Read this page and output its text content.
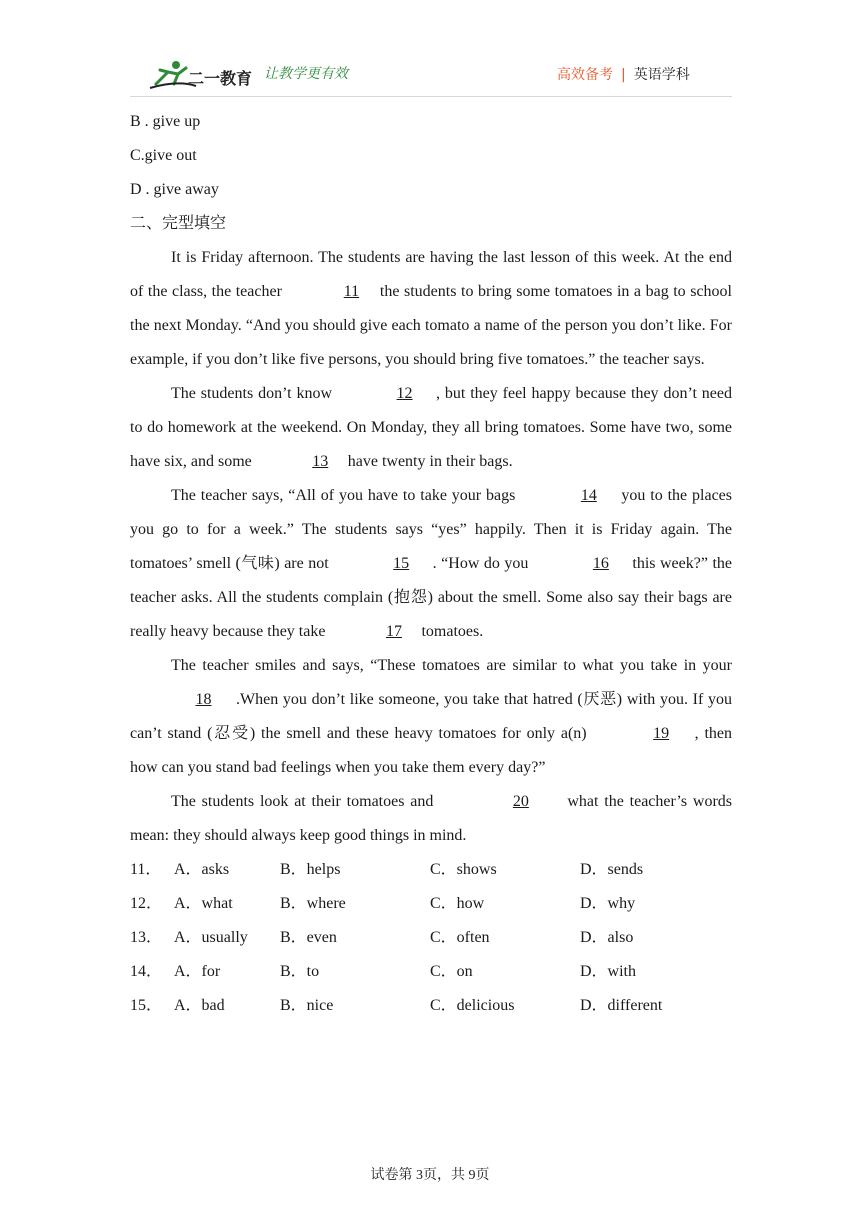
二一教育 让教学更有效	高效备考 | 英语学科
B . give up
C.give out
D . give away
二、完型填空

It is Friday afternoon. The students are having the last lesson of this week. At the end of the class, the teacher	11 the students to bring some tomatoes in a bag to school the next Monday. “And you should give each tomato a name of the person you don’t like. For example, if you don’t like five persons, you should bring five tomatoes.” the teacher says.

The students don’t know	12 , but they feel happy because they don’t need to do homework at the weekend. On Monday, they all bring tomatoes. Some have two, some have six, and some	13 have twenty in their bags.

The teacher says, “All of you have to take your bags	14 you to the places you go to for a week.” The students says “yes” happily. Then it is Friday again. The tomatoes’ smell (气味) are not	15 . “How do you	16 this week?” the teacher asks. All the students complain (抱怨) about the smell. Some also say their bags are really heavy because they take	17 tomatoes.

The teacher smiles and says, “These tomatoes are similar to what you take in your18 .When you don’t like someone, you take that hatred (厌恶) with you. If you can’t stand (忍受) the smell and these heavy tomatoes for only a(n)	19 , then how can you stand bad feelings when you take them every day?”

The students look at their tomatoes and	20 what the teacher’s words mean: they should always keep good things in mind.

11． A．asks	B．helps	C．shows	D．sends
12． A．what	B．where	C．how	D．why
13． A．usually	B．even	C．often	D．also
14． A．for	B．to	C．on	D．with
15． A．bad	B．nice	C．delicious	D．different
试卷第 3页，共 9页
